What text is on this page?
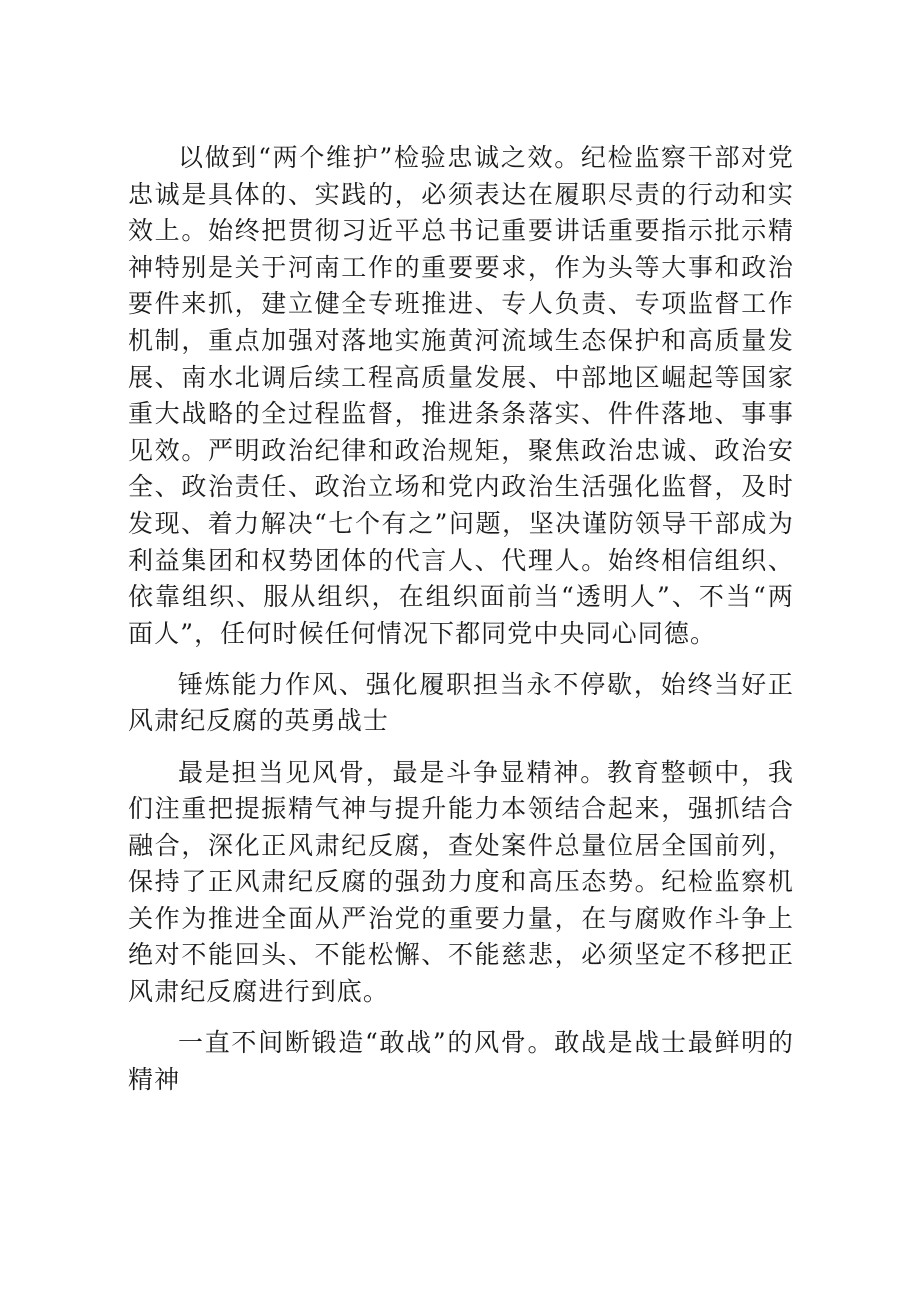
以做到“两个维护”检验忠诚之效。纪检监察干部对党忠诚是具体的、实践的，必须表达在履职尽责的行动和实效上。始终把贯彻习近平总书记重要讲话重要指示批示精神特别是关于河南工作的重要要求，作为头等大事和政治要件来抓，建立健全专班推进、专人负责、专项监督工作机制，重点加强对落地实施黄河流域生态保护和高质量发展、南水北调后续工程高质量发展、中部地区崛起等国家重大战略的全过程监督，推进条条落实、件件落地、事事见效。严明政治纪律和政治规矩，聚焦政治忠诚、政治安全、政治责任、政治立场和党内政治生活强化监督，及时发现、着力解决“七个有之”问题，坚决谨防领导干部成为利益集团和权势团体的代言人、代理人。始终相信组织、依靠组织、服从组织，在组织面前当“透明人”、不当“两面人”，任何时候任何情况下都同党中央同心同德。

锤炼能力作风、强化履职担当永不停歇，始终当好正风肃纪反腐的英勇战士

最是担当见风骨，最是斗争显精神。教育整顿中，我们注重把提振精气神与提升能力本领结合起来，强抓结合融合，深化正风肃纪反腐，查处案件总量位居全国前列，保持了正风肃纪反腐的强劲力度和高压态势。纪检监察机关作为推进全面从严治党的重要力量，在与腐败作斗争上绝对不能回头、不能松懈、不能慈悲，必须坚定不移把正风肃纪反腐进行到底。

一直不间断锻造“敢战”的风骨。敢战是战士最鲜明的精神
